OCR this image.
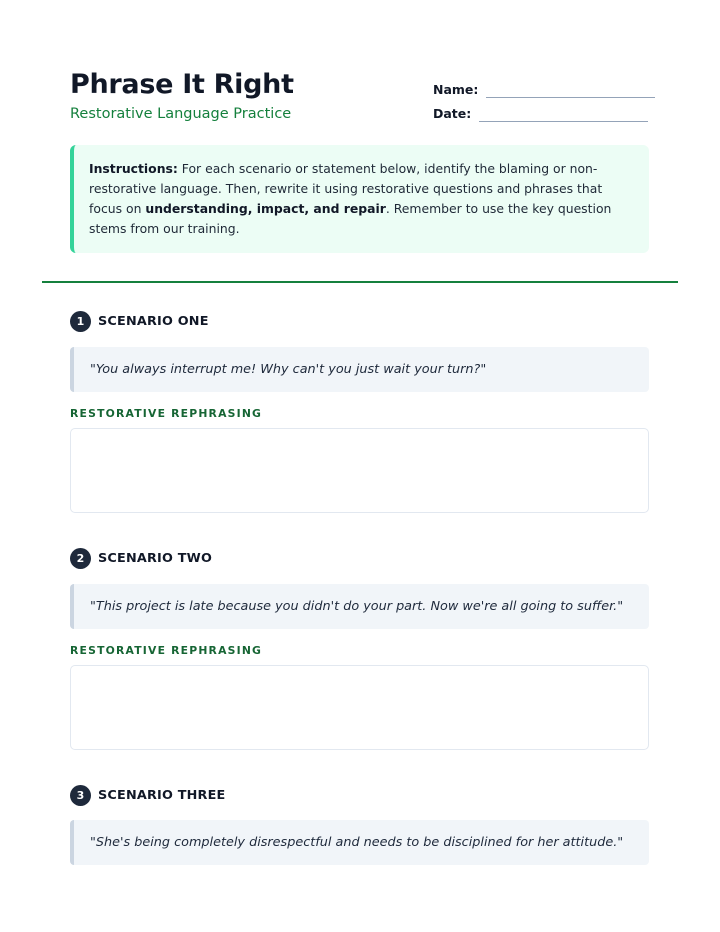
Phrase It Right
Restorative Language Practice
Name:
Date:
Instructions: For each scenario or statement below, identify the blaming or non-restorative language. Then, rewrite it using restorative questions and phrases that focus on understanding, impact, and repair. Remember to use the key question stems from our training.
1	SCENARIO ONE
"You always interrupt me! Why can't you just wait your turn?"
RESTORATIVE REPHRASING
2	SCENARIO TWO
"This project is late because you didn't do your part. Now we're all going to suffer."
RESTORATIVE REPHRASING
3	SCENARIO THREE
"She's being completely disrespectful and needs to be disciplined for her attitude."
